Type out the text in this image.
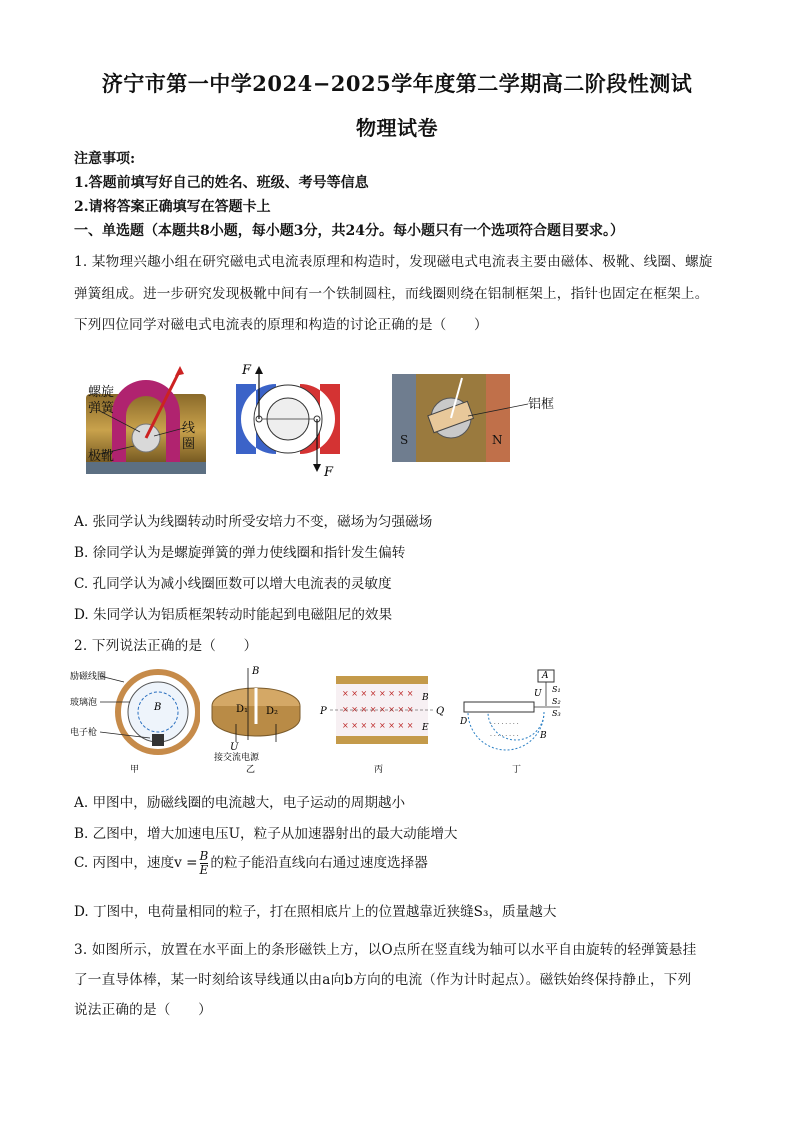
济宁市第一中学2024−2025学年度第二学期高二阶段性测试
物理试卷
注意事项:
1.答题前填写好自己的姓名、班级、考号等信息
2.请将答案正确填写在答题卡上
一、单选题（本题共8小题，每小题3分，共24分。每小题只有一个选项符合题目要求。）
1. 某物理兴趣小组在研究磁电式电流表原理和构造时，发现磁电式电流表主要由磁体、极靴、线圈、螺旋
弹簧组成。进一步研究发现极靴中间有一个铁制圆柱，而线圈则绕在铝制框架上，指针也固定在框架上。
下列四位同学对磁电式电流表的原理和构造的讨论正确的是（　　）
螺旋
弹簧
线
圈
极靴
F
F
S	N
铝框
A. 张同学认为线圈转动时所受安培力不变，磁场为匀强磁场
B. 徐同学认为是螺旋弹簧的弹力使线圈和指针发生偏转
C. 孔同学认为减小线圈匝数可以增大电流表的灵敏度
D. 朱同学认为铝质框架转动时能起到电磁阻尼的效果
2. 下列说法正确的是（　　）
励磁线圈
玻璃泡
电子枪
B
甲
B
D₁ D₂
U
接交流电源
乙
× × × × × × × ×
× × × × × × × ×
× × × × × × × ×
P	Q
B
E
丙
· · · · · · · ·
· · · · · · · ·
A
U S₁
S₂
S₃
D
B
丁
A. 甲图中，励磁线圈的电流越大，电子运动的周期越小
B. 乙图中，增大加速电压U，粒子从加速器射出的最大动能增大
C. 丙图中，速度$v = \frac{B}{E}$ 的粒子能沿直线向右通过速度选择器
D. 丁图中，电荷量相同的粒子，打在照相底片上的位置越靠近狭缝S₃，质量越大
3. 如图所示，放置在水平面上的条形磁铁上方，以O点所在竖直线为轴可以水平自由旋转的轻弹簧悬挂
了一直导体棒，某一时刻给该导线通以由a向b方向的电流（作为计时起点）。磁铁始终保持静止，下列
说法正确的是（　　）
